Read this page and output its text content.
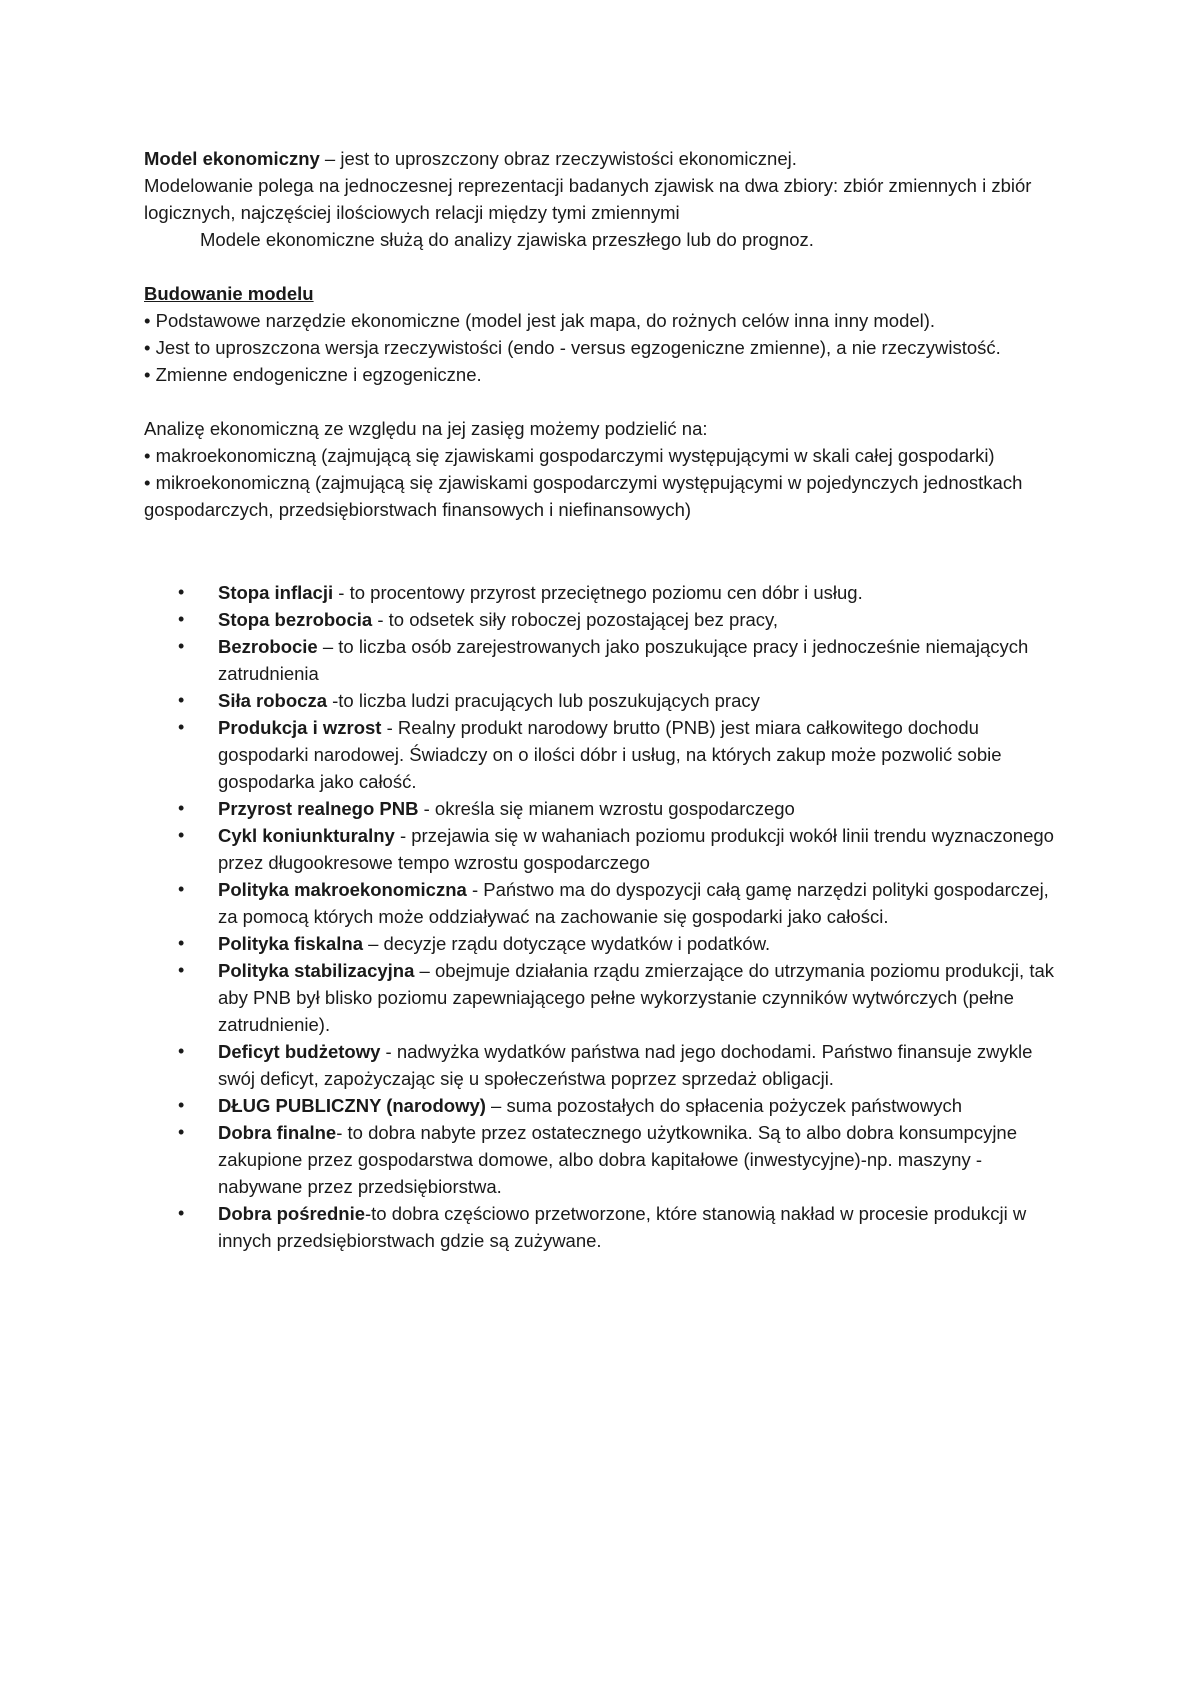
Model ekonomiczny – jest to uproszczony obraz rzeczywistości ekonomicznej.

Modelowanie polega na jednoczesnej reprezentacji badanych zjawisk na dwa zbiory: zbiór zmiennych i zbiór logicznych, najczęściej ilościowych relacji między tymi zmiennymi

Modele ekonomiczne służą do analizy zjawiska przeszłego lub do prognoz.

Budowanie modelu

• Podstawowe narzędzie ekonomiczne (model jest jak mapa, do rożnych celów inna inny model).

• Jest to uproszczona wersja rzeczywistości (endo - versus egzogeniczne zmienne), a nie rzeczywistość.

• Zmienne endogeniczne i egzogeniczne.

Analizę ekonomiczną ze względu na jej zasięg możemy podzielić na:

• makroekonomiczną (zajmującą się zjawiskami gospodarczymi występującymi w skali całej gospodarki)

• mikroekonomiczną (zajmującą się zjawiskami gospodarczymi występującymi w pojedynczych jednostkach gospodarczych, przedsiębiorstwach finansowych i niefinansowych)

• Stopa inflacji - to procentowy przyrost przeciętnego poziomu cen dóbr i usług.
• Stopa bezrobocia - to odsetek siły roboczej pozostającej bez pracy,
• Bezrobocie – to liczba osób zarejestrowanych jako poszukujące pracy i jednocześnie niemających zatrudnienia
• Siła robocza -to liczba ludzi pracujących lub poszukujących pracy
• Produkcja i wzrost - Realny produkt narodowy brutto (PNB) jest miara całkowitego dochodu gospodarki narodowej. Świadczy on o ilości dóbr i usług, na których zakup może pozwolić sobie gospodarka jako całość.
• Przyrost realnego PNB - określa się mianem wzrostu gospodarczego
• Cykl koniunkturalny - przejawia się w wahaniach poziomu produkcji wokół linii trendu wyznaczonego przez długookresowe tempo wzrostu gospodarczego
• Polityka makroekonomiczna - Państwo ma do dyspozycji całą gamę narzędzi polityki gospodarczej, za pomocą których może oddziaływać na zachowanie się gospodarki jako całości.
• Polityka fiskalna – decyzje rządu dotyczące wydatków i podatków.
• Polityka stabilizacyjna – obejmuje działania rządu zmierzające do utrzymania poziomu produkcji, tak aby PNB był blisko poziomu zapewniającego pełne wykorzystanie czynników wytwórczych (pełne zatrudnienie).
• Deficyt budżetowy - nadwyżka wydatków państwa nad jego dochodami. Państwo finansuje zwykle swój deficyt, zapożyczając się u społeczeństwa poprzez sprzedaż obligacji.
• DŁUG PUBLICZNY (narodowy) – suma pozostałych do spłacenia pożyczek państwowych
• Dobra finalne- to dobra nabyte przez ostatecznego użytkownika. Są to albo dobra konsumpcyjne zakupione przez gospodarstwa domowe, albo dobra kapitałowe (inwestycyjne)-np. maszyny - nabywane przez przedsiębiorstwa.
• Dobra pośrednie-to dobra częściowo przetworzone, które stanowią nakład w procesie produkcji w innych przedsiębiorstwach gdzie są zużywane.
